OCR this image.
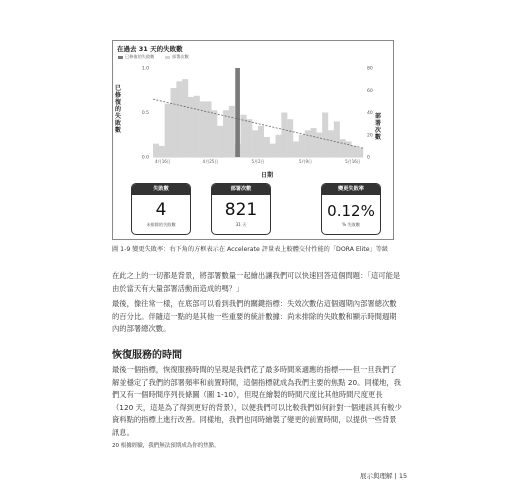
在過去 31 天的失敗數
已修復的失敗數	部署次數
已修復的失敗數
部署次數
1.0
0.5
0.0
80
60
40
20
0
4月16日	4月25日	5月2日	5月9日	5月16日
日期
失敗數
4
未排除的失敗數
部署次數
821
31 天
變更失敗率
0.12%
% 失敗數
圖 1-9 變更失敗率：右下角的方框表示在 Accelerate 評量表上較體交付性能的「DORA Elite」等級
在此之上的一切都是背景，將部署數量一起繪出讓我們可以快速回答這個問題：「這可能是由於當天有大量部署活動而造成的嗎？」
最後，像往常一樣，在底部可以看到我們的關鍵指標：失效次數佔這個週期內部署總次數的百分比。伴隨這一點的是其他一些重要的統計數據：尚未排除的失敗數和顯示時間週期內的部署總次數。
恢復服務的時間
最後一個指標，恢復服務時間的呈現是我們花了最多時間來適應的指標——但一旦我們了解並穩定了我們的部署頻率和前置時間，這個指標就成為我們主要的焦點 20。同樣地，我們又有一個時間序列長條圖（圖 1-10），但現在繪製的時間尺度比其他時間尺度更長（120 天，這是為了得到更好的背景），以便我們可以比較我們如何針對一個連該具有較少資料點的指標上進行改善。同樣地，我們也同時繪製了變更的前置時間，以提供一些背景訊息。
20 根據經驗，我們無法預期成為你的焦點。
展示與理解 | 15
